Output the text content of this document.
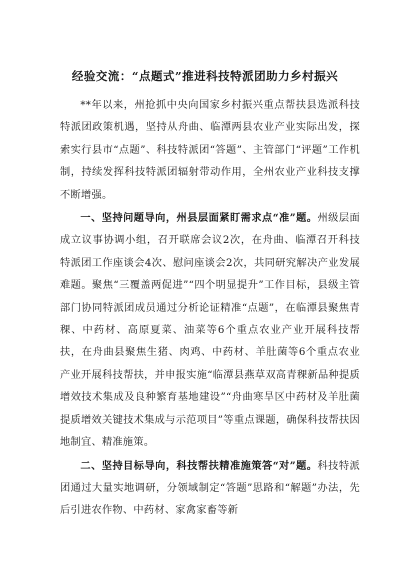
经验交流：“点题式”推进科技特派团助力乡村振兴

**年以来，州抢抓中央向国家乡村振兴重点帮扶县选派科技特派团政策机遇，坚持从舟曲、临潭两县农业产业实际出发，探索实行县市“点题”、科技特派团“答题”、主管部门“评题”工作机制，持续发挥科技特派团辐射带动作用，全州农业产业科技支撑不断增强。

一、坚持问题导向，州县层面紧盯需求点“准”题。州级层面成立议事协调小组，召开联席会议2次，在舟曲、临潭召开科技特派团工作座谈会4次、慰问座谈会2次，共同研究解决产业发展难题。聚焦“三覆盖两促进”“四个明显提升”工作目标，县级主管部门协同特派团成员通过分析论证精准“点题”，在临潭县聚焦青稞、中药材、高原夏菜、油菜等6个重点农业产业开展科技帮扶，在舟曲县聚焦生猪、肉鸡、中药材、羊肚菌等6个重点农业产业开展科技帮扶，并申报实施“临潭县燕草双高青稞新品种提质增效技术集成及良种繁育基地建设”“舟曲寒旱区中药材及羊肚菌提质增效关键技术集成与示范项目”等重点课题，确保科技帮扶因地制宜、精准施策。

二、坚持目标导向，科技帮扶精准施策答“对”题。科技特派团通过大量实地调研，分领域制定“答题”思路和“解题”办法，先后引进农作物、中药材、家禽家畜等新
